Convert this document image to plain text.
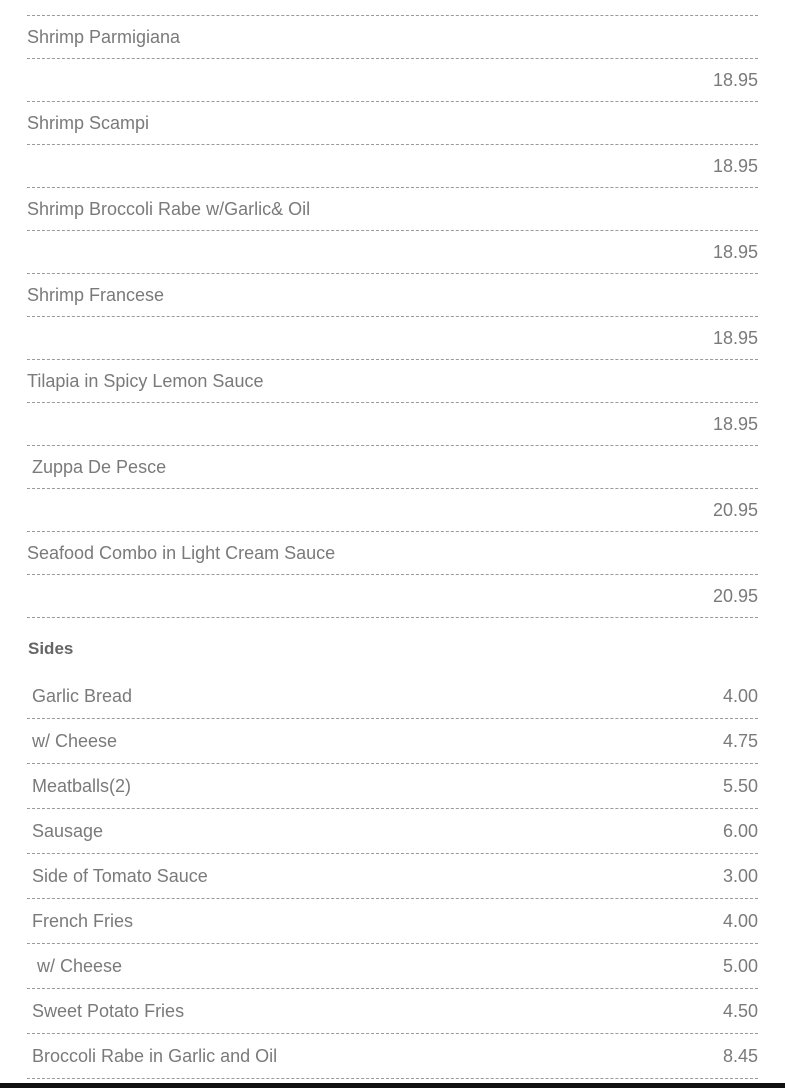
Shrimp Parmigiana
18.95
Shrimp Scampi
18.95
Shrimp Broccoli Rabe w/Garlic& Oil
18.95
Shrimp Francese
18.95
Tilapia in Spicy Lemon Sauce
18.95
Zuppa De Pesce
20.95
Seafood Combo in Light Cream Sauce
20.95
Sides
Garlic Bread	4.00
w/ Cheese	4.75
Meatballs(2)	5.50
Sausage	6.00
Side of Tomato Sauce	3.00
French Fries	4.00
w/ Cheese	5.00
Sweet Potato Fries	4.50
Broccoli Rabe in Garlic and Oil	8.45
